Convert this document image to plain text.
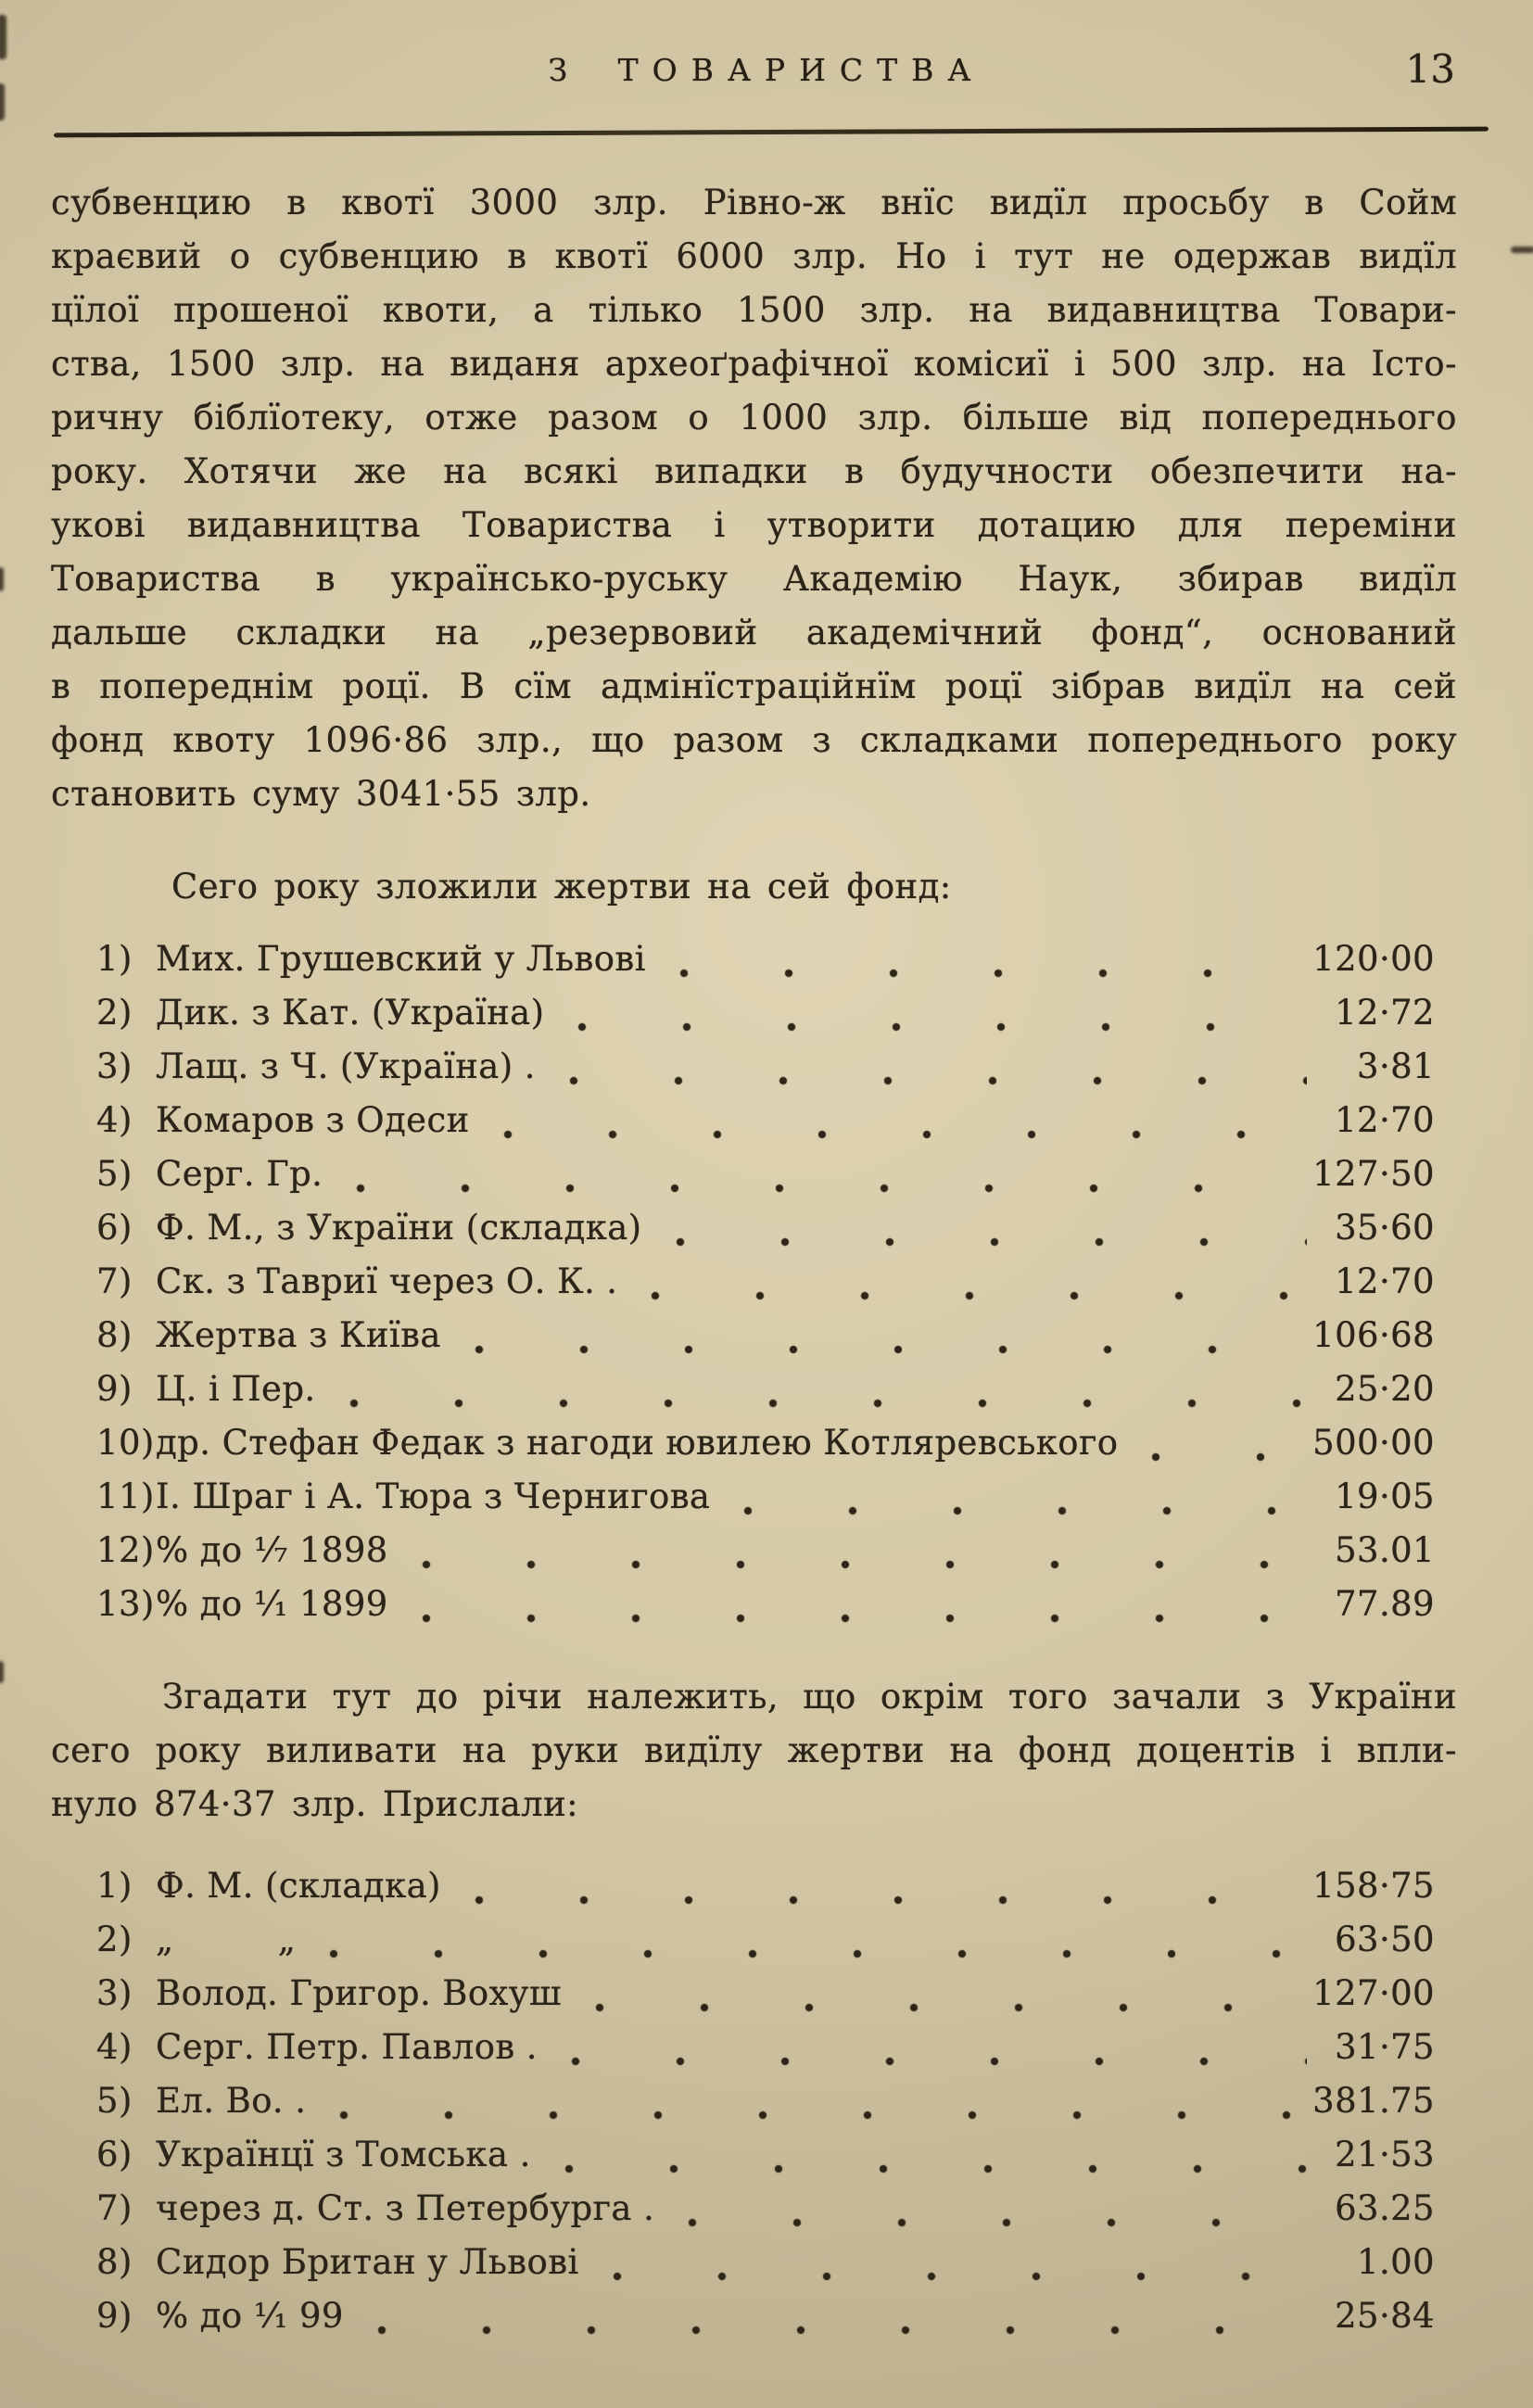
З ТОВАРИСТВА	13
субвенцию в квотї 3000 злр. Рівно-ж внїс видїл просьбу в Сойм
краєвий о субвенцию в квотї 6000 злр. Но і тут не одержав видїл
цїлої прошеної квоти, а тілько 1500 злр. на видавництва Товари-
ства, 1500 злр. на виданя археоґрафічної комісиї і 500 злр. на Істо-
ричну біблїотеку, отже разом о 1000 злр. більше від попереднього
року. Хотячи же на всякі випадки в будучности обезпечити на-
укові видавництва Товариства і утворити дотацию для переміни
Товариства в українсько-руську Академію Наук, збирав видїл
дальше складки на „резервовий академічний фонд“, оснований
в попереднім роцї. В сїм адмінїстраційнїм роцї зібрав видїл на сей
фонд квоту 1096·86 злр., що разом з складками попереднього року
становить суму 3041·55 злр.
Сего року зложили жертви на сей фонд:
1) Мих. Грушевский у Львові	120·00
2) Дик. з Кат. (Україна)	12·72
3) Лащ. з Ч. (Україна) .	3·81
4) Комаров з Одеси	12·70
5) Серг. Гр.	127·50
6) Ф. М., з України (складка)	35·60
7) Ск. з Тавриї через О. К. .	12·70
8) Жертва з Київа	106·68
9) Ц. і Пер.	25·20
10) др. Стефан Федак з нагоди ювилею Котляревського	500·00
11) І. Шраг і А. Тюра з Чернигова	19·05
12) % до ¹⁄₇ 1898	53.01
13) % до ¹⁄₁ 1899	77.89
Згадати тут до річи належить, що окрім того зачали з України
сего року виливати на руки видїлу жертви на фонд доцентів і впли-
нуло 874·37 злр. Прислали:
1) Ф. М. (складка)	158·75
2) „   „	63·50
3) Волод. Григор. Вохуш	127·00
4) Серг. Петр. Павлов .	31·75
5) Ел. Во. .	381.75
6) Українцї з Томська .	21·53
7) через д. Ст. з Петербурга .	63.25
8) Сидор Британ у Львові	1.00
9) % до ¹⁄₁ 99	25·84
